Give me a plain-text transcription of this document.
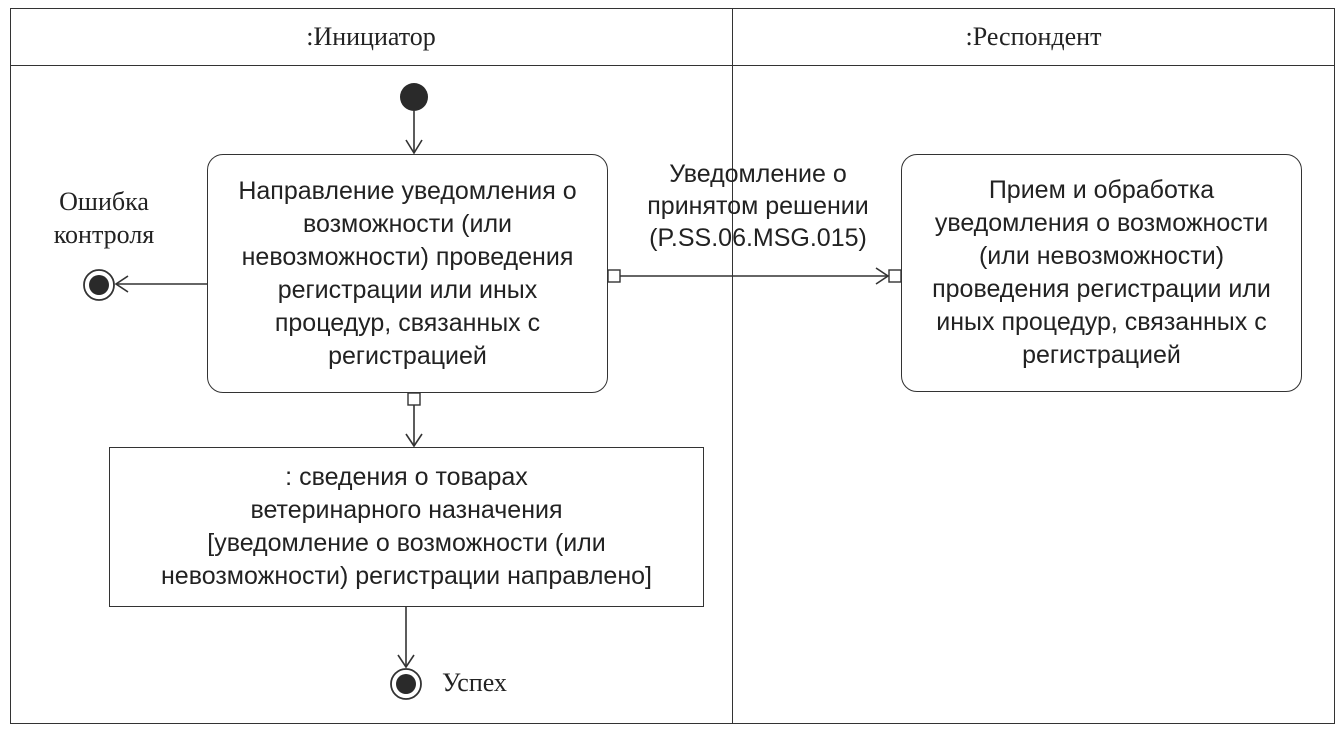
:Инициатор	:Респондент
Направление уведомления о возможности (или невозможности) проведения регистрации или иных процедур, связанных с регистрацией
Прием и обработка уведомления о возможности (или невозможности) проведения регистрации или иных процедур, связанных с регистрацией
Уведомление о
принятом решении
(P.SS.06.MSG.015)
Ошибка
контроля
: сведения о товарах
ветеринарного назначения
[уведомление о возможности (или
невозможности) регистрации направлено]
Успех
